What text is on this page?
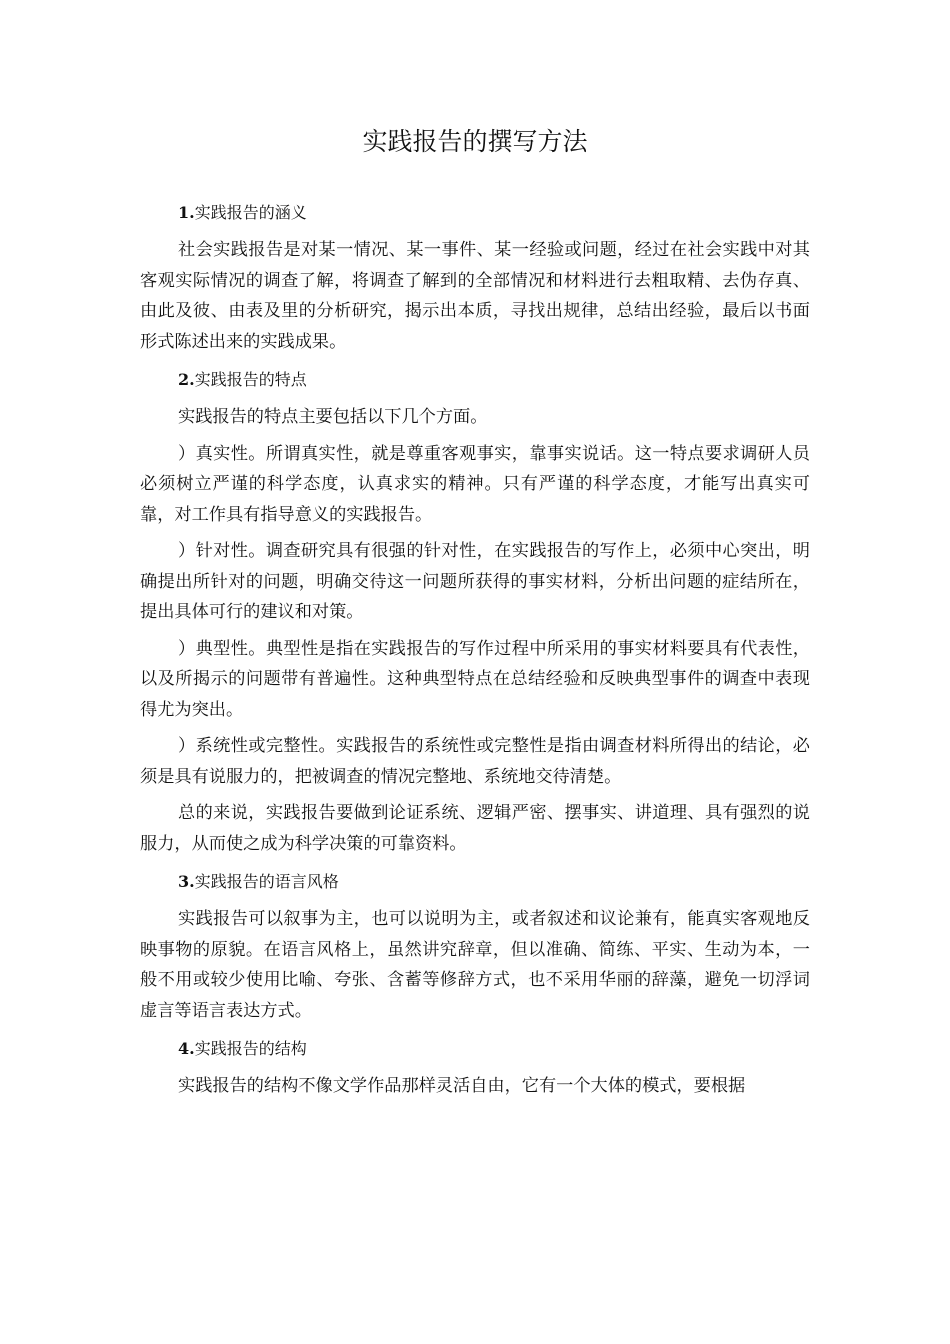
实践报告的撰写方法
1.实践报告的涵义

社会实践报告是对某一情况、某一事件、某一经验或问题，经过在社会实践中对其客观实际情况的调查了解，将调查了解到的全部情况和材料进行去粗取精、去伪存真、由此及彼、由表及里的分析研究，揭示出本质，寻找出规律，总结出经验，最后以书面形式陈述出来的实践成果。

2.实践报告的特点

实践报告的特点主要包括以下几个方面。

）真实性。所谓真实性，就是尊重客观事实，靠事实说话。这一特点要求调研人员必须树立严谨的科学态度，认真求实的精神。只有严谨的科学态度，才能写出真实可靠，对工作具有指导意义的实践报告。

）针对性。调查研究具有很强的针对性，在实践报告的写作上，必须中心突出，明确提出所针对的问题，明确交待这一问题所获得的事实材料，分析出问题的症结所在，提出具体可行的建议和对策。

）典型性。典型性是指在实践报告的写作过程中所采用的事实材料要具有代表性，以及所揭示的问题带有普遍性。这种典型特点在总结经验和反映典型事件的调查中表现得尤为突出。

）系统性或完整性。实践报告的系统性或完整性是指由调查材料所得出的结论，必须是具有说服力的，把被调查的情况完整地、系统地交待清楚。

总的来说，实践报告要做到论证系统、逻辑严密、摆事实、讲道理、具有强烈的说服力，从而使之成为科学决策的可靠资料。

3.实践报告的语言风格

实践报告可以叙事为主，也可以说明为主，或者叙述和议论兼有，能真实客观地反映事物的原貌。在语言风格上，虽然讲究辞章，但以准确、简练、平实、生动为本，一般不用或较少使用比喻、夸张、含蓄等修辞方式，也不采用华丽的辞藻，避免一切浮词虚言等语言表达方式。

4.实践报告的结构

实践报告的结构不像文学作品那样灵活自由，它有一个大体的模式，要根据
